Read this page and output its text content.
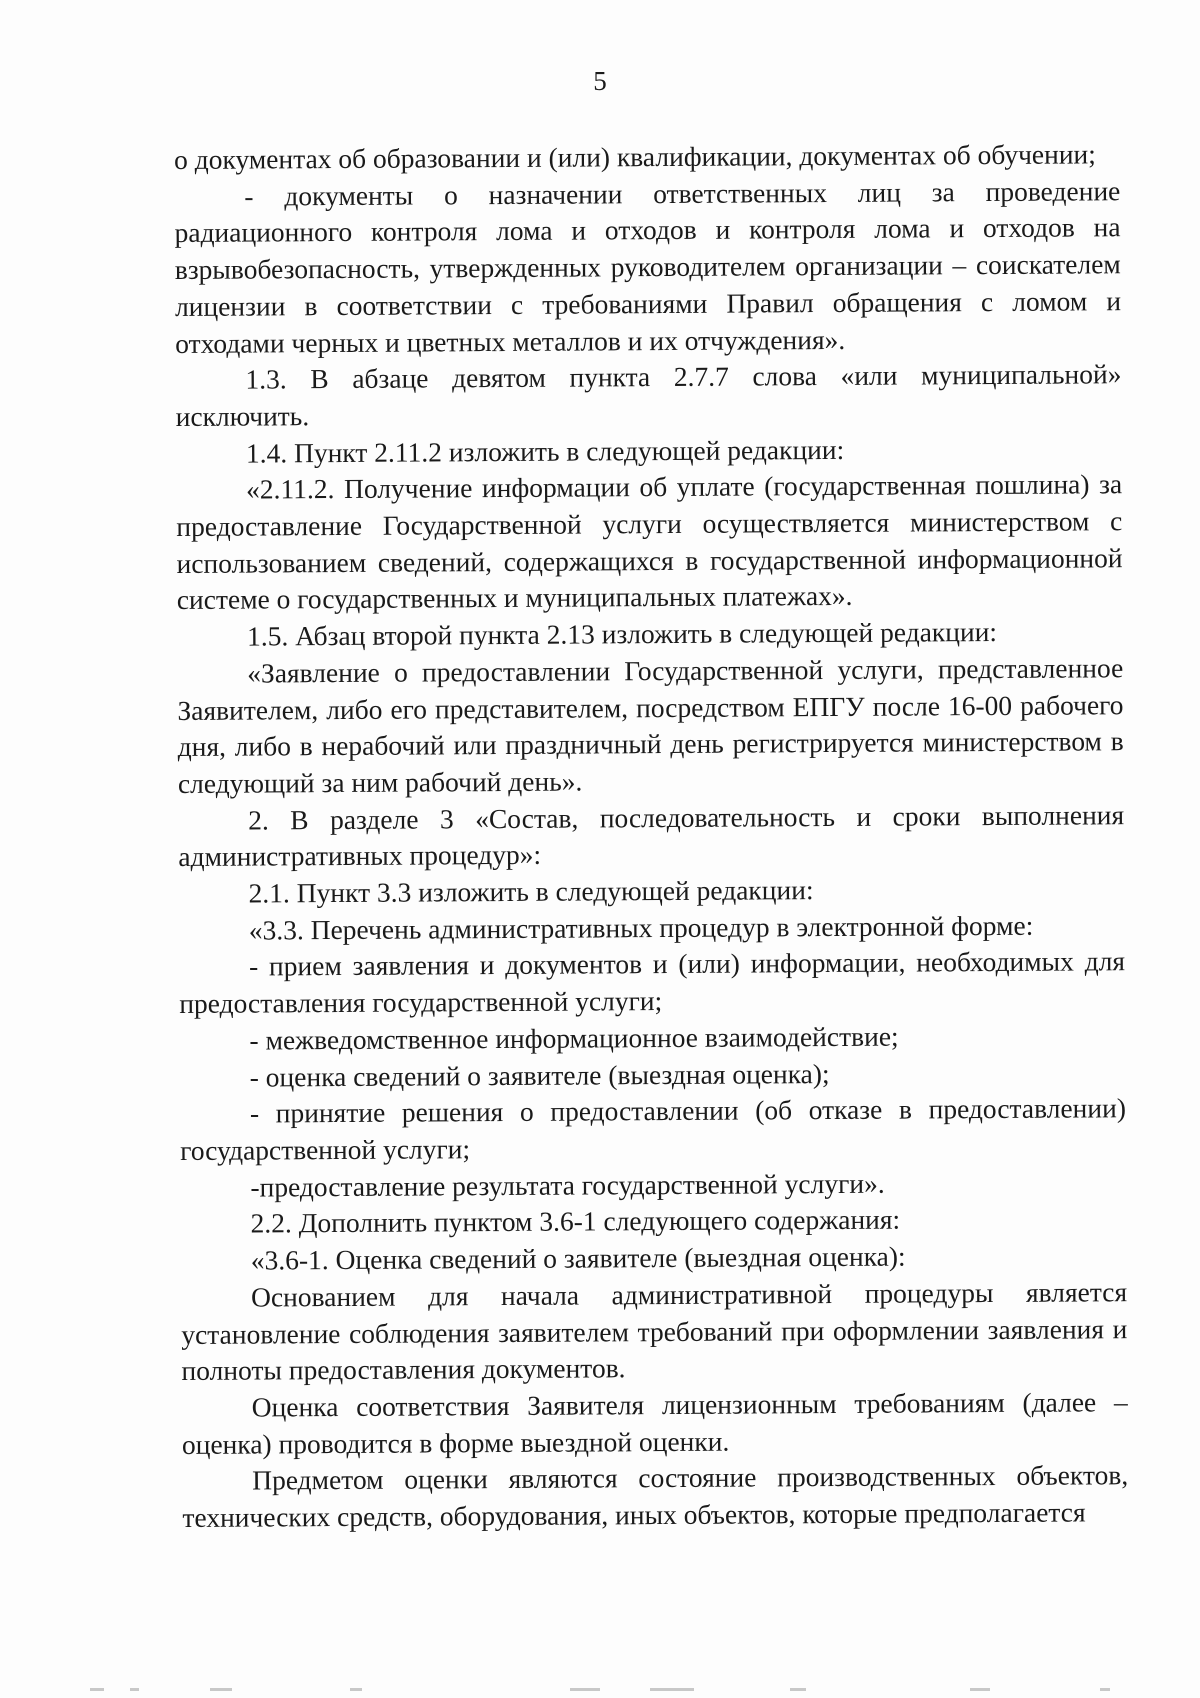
5

о документах об образовании и (или) квалификации, документах об обучении;

- документы о назначении ответственных лиц за проведение радиационного контроля лома и отходов и контроля лома и отходов на взрывобезопасность, утвержденных руководителем организации – соискателем лицензии в соответствии с требованиями Правил обращения с ломом и отходами черных и цветных металлов и их отчуждения».

1.3. В абзаце девятом пункта 2.7.7 слова «или муниципальной» исключить.

1.4. Пункт 2.11.2 изложить в следующей редакции:

«2.11.2. Получение информации об уплате (государственная пошлина) за предоставление Государственной услуги осуществляется министерством с использованием сведений, содержащихся в государственной информационной системе о государственных и муниципальных платежах».

1.5. Абзац второй пункта 2.13 изложить в следующей редакции:

«Заявление о предоставлении Государственной услуги, представленное Заявителем, либо его представителем, посредством ЕПГУ после 16-00 рабочего дня, либо в нерабочий или праздничный день регистрируется министерством в следующий за ним рабочий день».

2. В разделе 3 «Состав, последовательность и сроки выполнения административных процедур»:

2.1. Пункт 3.3 изложить в следующей редакции:

«3.3. Перечень административных процедур в электронной форме:

- прием заявления и документов и (или) информации, необходимых для предоставления государственной услуги;

- межведомственное информационное взаимодействие;

- оценка сведений о заявителе (выездная оценка);

- принятие решения о предоставлении (об отказе в предоставлении) государственной услуги;

-предоставление результата государственной услуги».

2.2. Дополнить пунктом 3.6-1 следующего содержания:

«3.6-1. Оценка сведений о заявителе (выездная оценка):

Основанием для начала административной процедуры является установление соблюдения заявителем требований при оформлении заявления и полноты предоставления документов.

Оценка соответствия Заявителя лицензионным требованиям (далее – оценка) проводится в форме выездной оценки.

Предметом оценки являются состояние производственных объектов, технических средств, оборудования, иных объектов, которые предполагается
